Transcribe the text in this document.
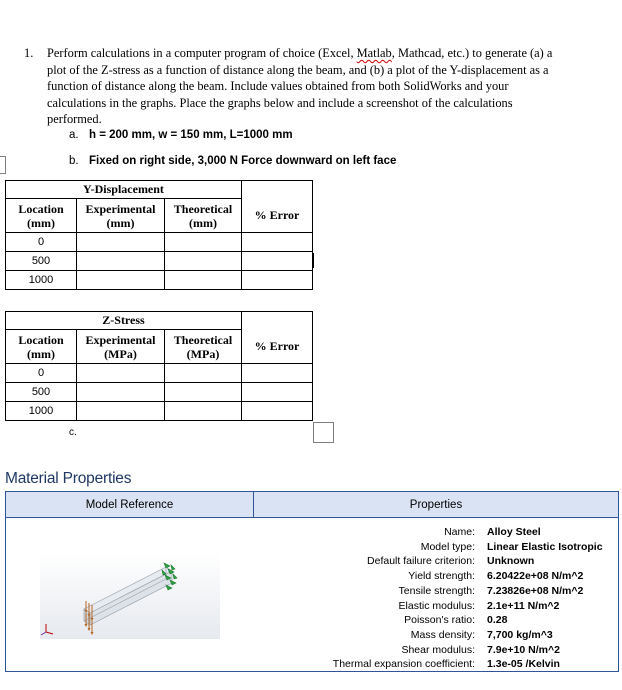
1. Perform calculations in a computer program of choice (Excel, Matlab, Mathcad, etc.) to generate (a) a plot of the Z-stress as a function of distance along the beam, and (b) a plot of the Y-displacement as a function of distance along the beam. Include values obtained from both SolidWorks and your calculations in the graphs. Place the graphs below and include a screenshot of the calculations performed.
a. h = 200 mm, w = 150 mm, L=1000 mm
b. Fixed on right side, 3,000 N Force downward on left face
Y-Displacement			
Location (mm)	Experimental (mm)	Theoretical (mm)	% Error
0			
500			
1000			
Z-Stress			
Location (mm)	Experimental (MPa)	Theoretical (MPa)	% Error
0			
500			
1000			
c.
Material Properties
Model Reference	Properties
Name:	Alloy Steel
Model type:	Linear Elastic Isotropic
Default failure criterion:	Unknown
Yield strength:	6.20422e+08 N/m^2
Tensile strength:	7.23826e+08 N/m^2
Elastic modulus:	2.1e+11 N/m^2
Poisson's ratio:	0.28
Mass density:	7,700 kg/m^3
Shear modulus:	7.9e+10 N/m^2
Thermal expansion coefficient:	1.3e-05 /Kelvin
